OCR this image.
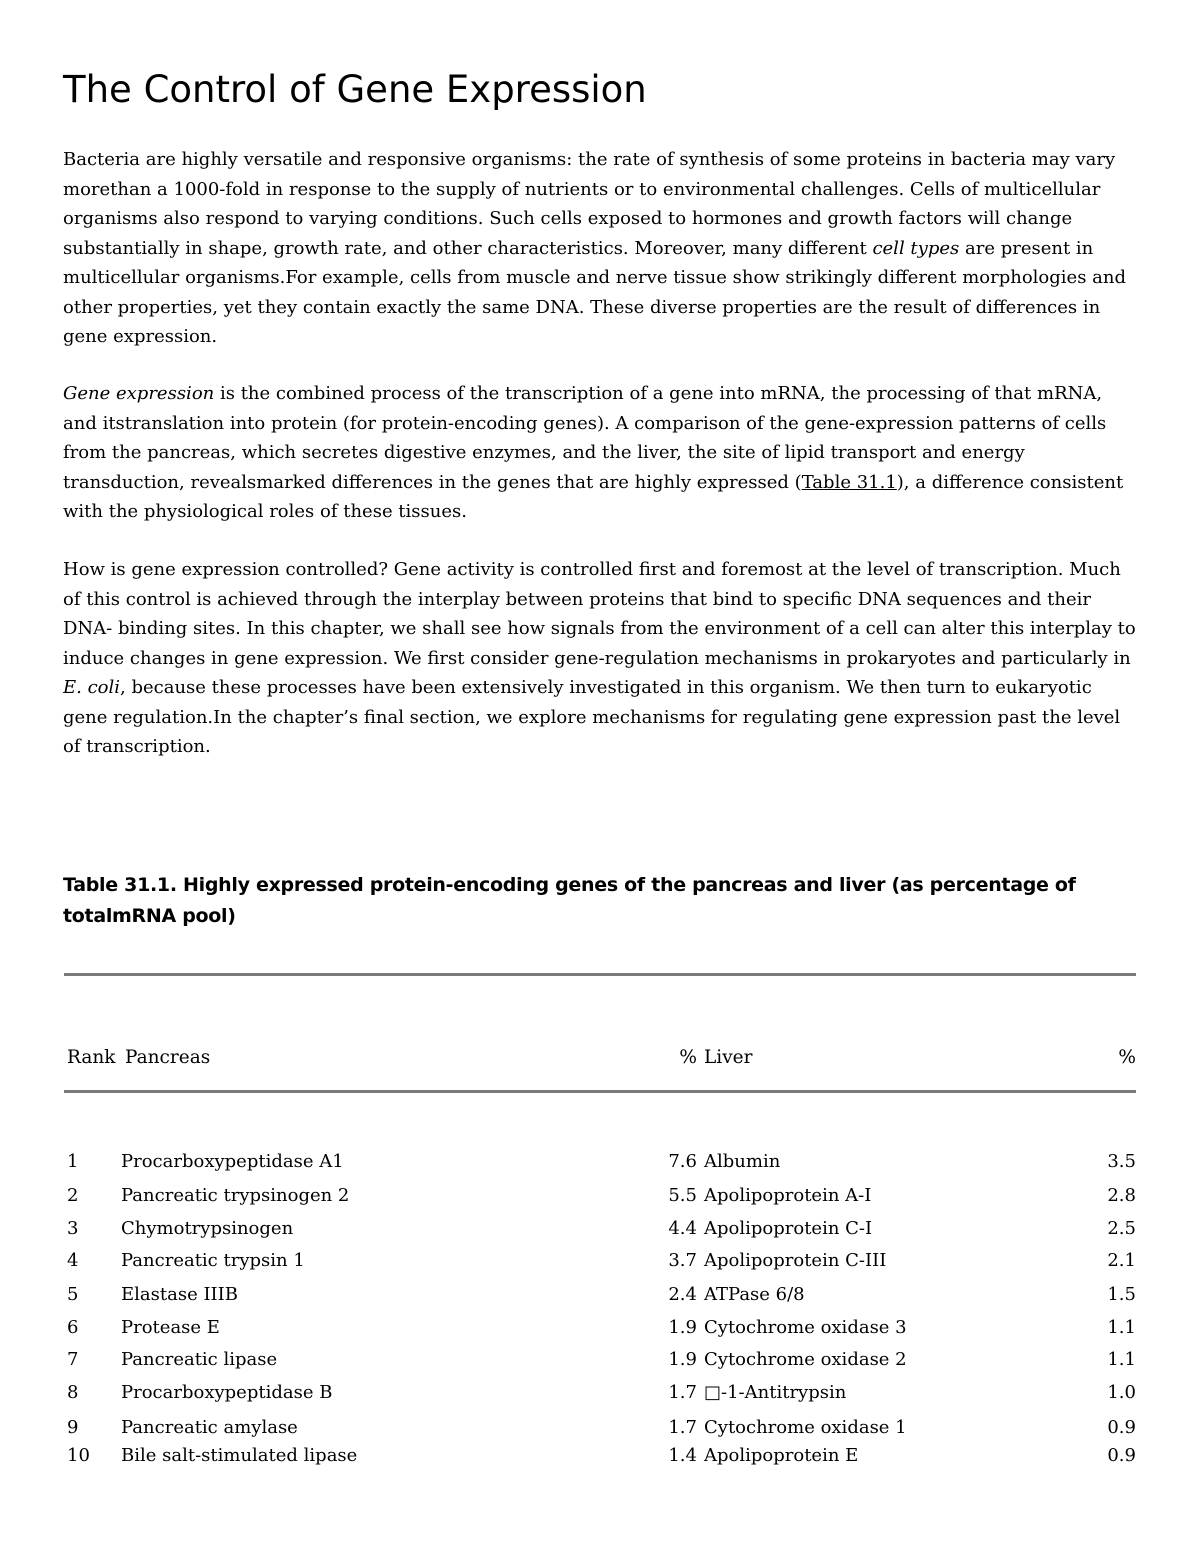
The Control of Gene Expression

Bacteria are highly versatile and responsive organisms: the rate of synthesis of some proteins in bacteria may vary morethan a 1000-fold in response to the supply of nutrients or to environmental challenges. Cells of multicellular organisms also respond to varying conditions. Such cells exposed to hormones and growth factors will change substantially in shape, growth rate, and other characteristics. Moreover, many different cell types are present in multicellular organisms.For example, cells from muscle and nerve tissue show strikingly different morphologies and other properties, yet they contain exactly the same DNA. These diverse properties are the result of differences in gene expression.

Gene expression is the combined process of the transcription of a gene into mRNA, the processing of that mRNA, and itstranslation into protein (for protein-encoding genes). A comparison of the gene-expression patterns of cells from the pancreas, which secretes digestive enzymes, and the liver, the site of lipid transport and energy transduction, revealsmarked differences in the genes that are highly expressed (Table 31.1), a difference consistent with the physiological roles of these tissues.

How is gene expression controlled? Gene activity is controlled first and foremost at the level of transcription. Much of this control is achieved through the interplay between proteins that bind to specific DNA sequences and their DNA- binding sites. In this chapter, we shall see how signals from the environment of a cell can alter this interplay to induce changes in gene expression. We first consider gene-regulation mechanisms in prokaryotes and particularly in E. coli, because these processes have been extensively investigated in this organism. We then turn to eukaryotic gene regulation.In the chapter’s final section, we explore mechanisms for regulating gene expression past the level of transcription.

Table 31.1. Highly expressed protein-encoding genes of the pancreas and liver (as percentage of totalmRNA pool)

Rank Pancreas	% Liver	%
1 Procarboxypeptidase A1	7.6 Albumin	3.5
2 Pancreatic trypsinogen 2	5.5 Apolipoprotein A-I	2.8
3 Chymotrypsinogen	4.4 Apolipoprotein C-I	2.5
4 Pancreatic trypsin 1	3.7 Apolipoprotein C-III	2.1
5 Elastase IIIB	2.4 ATPase 6/8	1.5
6 Protease E	1.9 Cytochrome oxidase 3	1.1
7 Pancreatic lipase	1.9 Cytochrome oxidase 2	1.1
8 Procarboxypeptidase B	1.7 □-1-Antitrypsin	1.0
9 Pancreatic amylase	1.7 Cytochrome oxidase 1	0.9
10 Bile salt-stimulated lipase	1.4 Apolipoprotein E	0.9
